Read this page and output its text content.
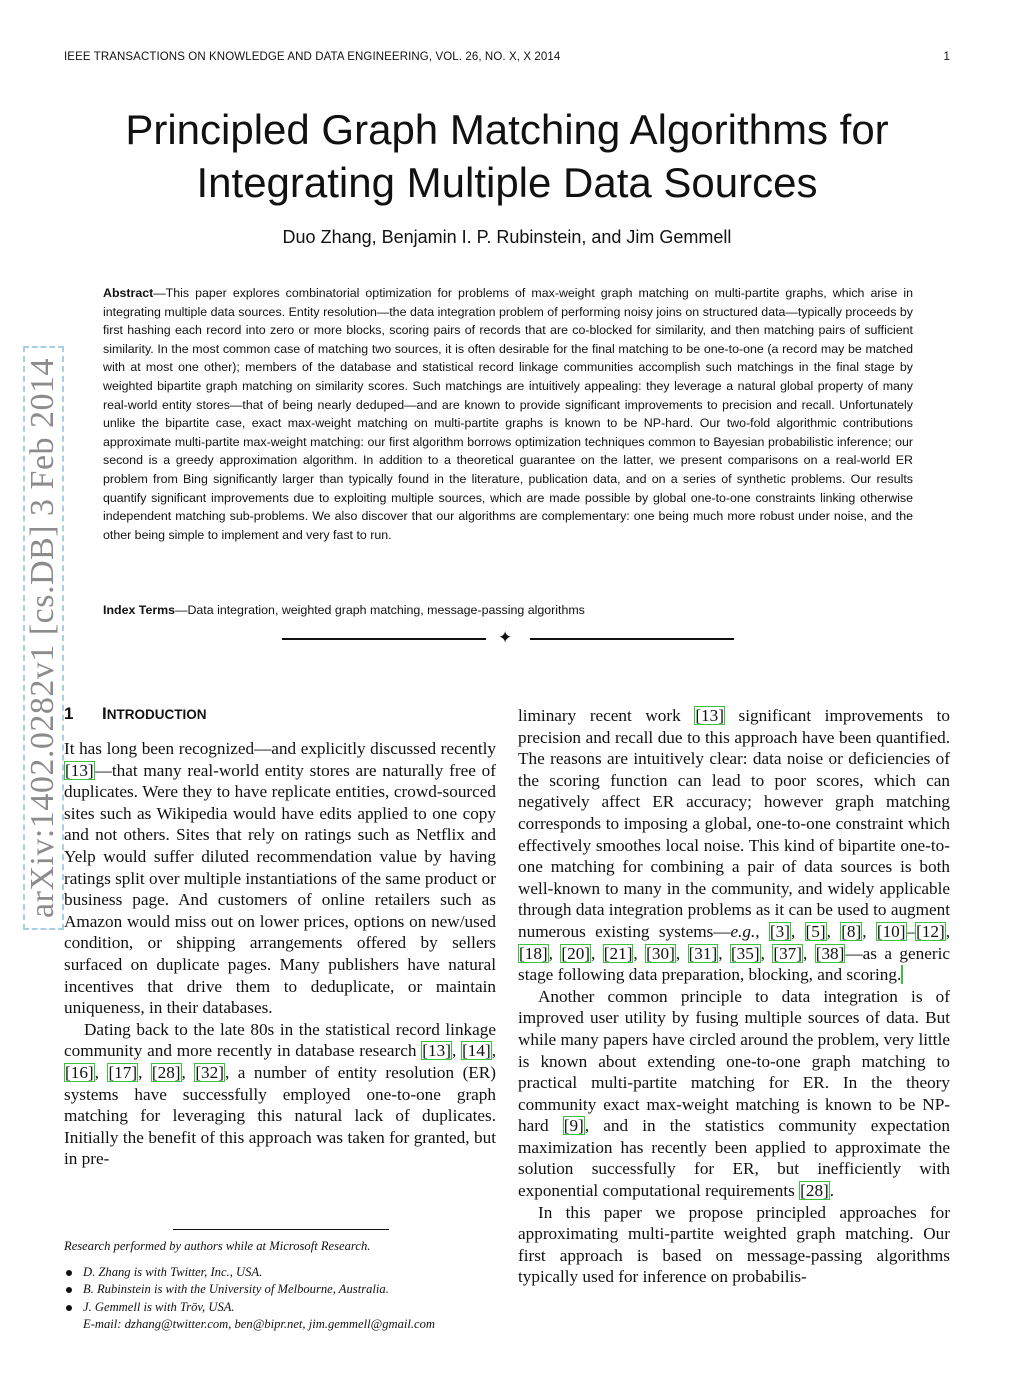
IEEE TRANSACTIONS ON KNOWLEDGE AND DATA ENGINEERING, VOL. 26, NO. X, X 2014	1
Principled Graph Matching Algorithms for
Integrating Multiple Data Sources
Duo Zhang, Benjamin I. P. Rubinstein, and Jim Gemmell
Abstract—This paper explores combinatorial optimization for problems of max-weight graph matching on multi-partite graphs, which arise in integrating multiple data sources. Entity resolution—the data integration problem of performing noisy joins on structured data—typically proceeds by first hashing each record into zero or more blocks, scoring pairs of records that are co-blocked for similarity, and then matching pairs of sufficient similarity. In the most common case of matching two sources, it is often desirable for the final matching to be one-to-one (a record may be matched with at most one other); members of the database and statistical record linkage communities accomplish such matchings in the final stage by weighted bipartite graph matching on similarity scores. Such matchings are intuitively appealing: they leverage a natural global property of many real-world entity stores—that of being nearly deduped—and are known to provide significant improvements to precision and recall. Unfortunately unlike the bipartite case, exact max-weight matching on multi-partite graphs is known to be NP-hard. Our two-fold algorithmic contributions approximate multi-partite max-weight matching: our first algorithm borrows optimization techniques common to Bayesian probabilistic inference; our second is a greedy approximation algorithm. In addition to a theoretical guarantee on the latter, we present comparisons on a real-world ER problem from Bing significantly larger than typically found in the literature, publication data, and on a series of synthetic problems. Our results quantify significant improvements due to exploiting multiple sources, which are made possible by global one-to-one constraints linking otherwise independent matching sub-problems. We also discover that our algorithms are complementary: one being much more robust under noise, and the other being simple to implement and very fast to run.
Index Terms—Data integration, weighted graph matching, message-passing algorithms
✦
arXiv:1402.0282v1 [cs.DB] 3 Feb 2014 1 INTRODUCTION

It has long been recognized—and explicitly discussed recently [13]—that many real-world entity stores are naturally free of duplicates. Were they to have replicate entities, crowd-sourced sites such as Wikipedia would have edits applied to one copy and not others. Sites that rely on ratings such as Netflix and Yelp would suffer diluted recommendation value by having ratings split over multiple instantiations of the same product or business page. And customers of online retailers such as Amazon would miss out on lower prices, options on new/used condition, or shipping arrangements offered by sellers surfaced on duplicate pages. Many publishers have natural incentives that drive them to deduplicate, or maintain uniqueness, in their databases.

Dating back to the late 80s in the statistical record linkage community and more recently in database research [13], [14], [16], [17], [28], [32], a number of entity resolution (ER) systems have successfully employed one-to-one graph matching for leveraging this natural lack of duplicates. Initially the benefit of this approach was taken for granted, but in pre-

Research performed by authors while at Microsoft Research.
D. Zhang is with Twitter, Inc., USA.
B. Rubinstein is with the University of Melbourne, Australia.
J. Gemmell is with Trōv, USA.
E-mail: dzhang@twitter.com, ben@bipr.net, jim.gemmell@gmail.com

liminary recent work [13] significant improvements to precision and recall due to this approach have been quantified. The reasons are intuitively clear: data noise or deficiencies of the scoring function can lead to poor scores, which can negatively affect ER accuracy; however graph matching corresponds to imposing a global, one-to-one constraint which effectively smoothes local noise. This kind of bipartite one-to-one matching for combining a pair of data sources is both well-known to many in the community, and widely applicable through data integration problems as it can be used to augment numerous existing systems—e.g., [3], [5], [8], [10]–[12], [18], [20], [21], [30], [31], [35], [37], [38]—as a generic stage following data preparation, blocking, and scoring.

Another common principle to data integration is of improved user utility by fusing multiple sources of data. But while many papers have circled around the problem, very little is known about extending one-to-one graph matching to practical multi-partite matching for ER. In the theory community exact max-weight matching is known to be NP-hard [9], and in the statistics community expectation maximization has recently been applied to approximate the solution successfully for ER, but inefficiently with exponential computational requirements [28].

In this paper we propose principled approaches for approximating multi-partite weighted graph matching. Our first approach is based on message-passing algorithms typically used for inference on probabilis-
